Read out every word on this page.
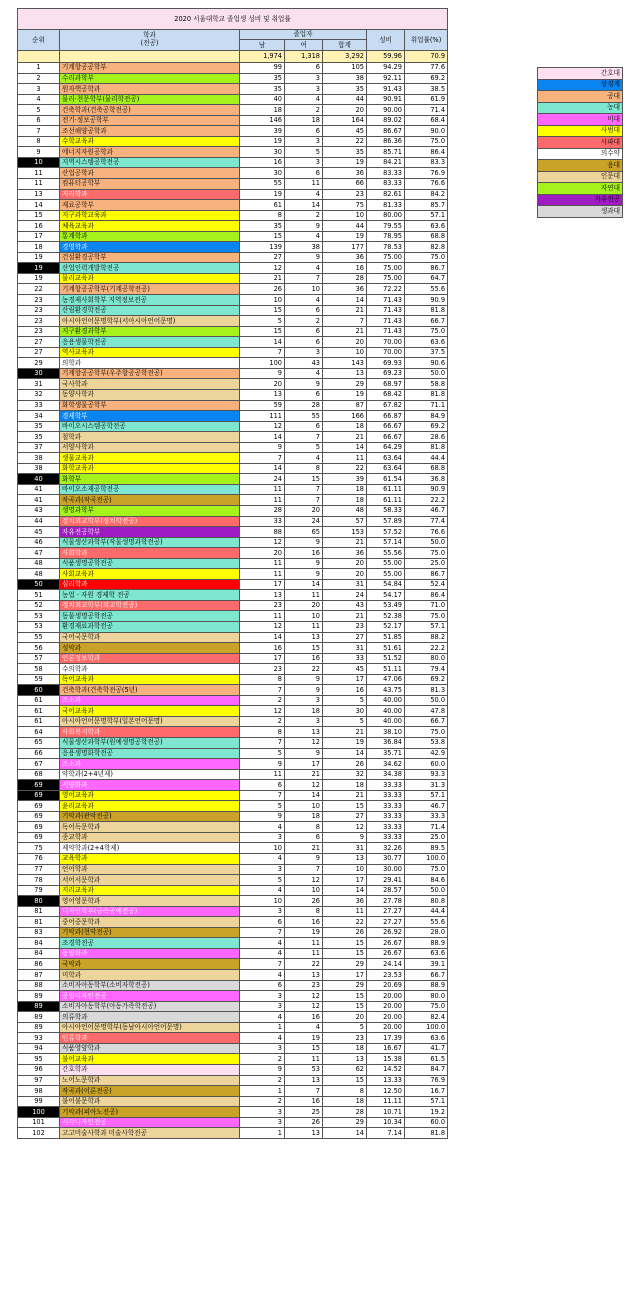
2020 서울대학교 졸업생 성비 및 취업률						
순위	학과
(전공)	졸업자			성비	취업률(%)
		남	여	합계		
		1,974	1,318	3,292	59.96	70.9
1	기계항공공학부	99	6	105	94.29	77.6
2	수리과학부	35	3	38	92.11	69.2
3	원자핵공학과	35	3	35	91.43	38.5
4	물리·천문학부(물리학전공)	40	4	44	90.91	61.9
5	건축학과(건축공학전공)	18	2	20	90.00	71.4
6	전기·정보공학부	146	18	164	89.02	68.4
7	조선해양공학과	39	6	45	86.67	90.0
8	수학교육과	19	3	22	86.36	75.0
9	에너지자원공학과	30	5	35	85.71	86.4
10	지역시스템공학전공	16	3	19	84.21	83.3
11	산업공학과	30	6	36	83.33	76.9
11	컴퓨터공학부	55	11	66	83.33	76.6
13	지리학과	19	4	23	82.61	84.2
14	재료공학부	61	14	75	81.33	85.7
15	지구과학교육과	8	2	10	80.00	57.1
16	체육교육과	35	9	44	79.55	63.6
17	통계학과	15	4	19	78.95	68.8
18	경영학과	139	38	177	78.53	82.8
19	건설환경공학부	27	9	36	75.00	75.0
19	산업인력개발학전공	12	4	16	75.00	86.7
19	물리교육과	21	7	28	75.00	64.7
22	기계항공공학부(기계공학전공)	26	10	36	72.22	55.6
23	농경제사회학부 지역정보전공	10	4	14	71.43	90.9
23	산림환경학전공	15	6	21	71.43	81.8
23	아시아언어문명학부(서아시아언어문명)	5	2	7	71.43	66.7
23	지구환경과학부	15	6	21	71.43	75.0
27	응용생물학전공	14	6	20	70.00	63.6
27	역사교육과	7	3	10	70.00	37.5
29	의학과	100	43	143	69.93	90.6
30	기계항공공학부(우주항공공학전공)	9	4	13	69.23	50.0
31	국사학과	20	9	29	68.97	58.8
32	동양사학과	13	6	19	68.42	81.8
33	화학생물공학부	59	28	87	67.82	71.1
34	경제학부	111	55	166	66.87	84.9
35	바이오시스템공학전공	12	6	18	66.67	69.2
35	철학과	14	7	21	66.67	28.6
37	서양사학과	9	5	14	64.29	81.8
38	생물교육과	7	4	11	63.64	44.4
38	화학교육과	14	8	22	63.64	68.8
40	화학부	24	15	39	61.54	36.8
41	바이오소재공학전공	11	7	18	61.11	90.9
41	작곡과(작곡전공)	11	7	18	61.11	22.2
43	생명과학부	28	20	48	58.33	46.7
44	정치외교학부(정치학전공)	33	24	57	57.89	77.4
45	자유전공학부	88	65	153	57.52	76.6
46	식물생산과학부(작물생명과학전공)	12	9	21	57.14	50.0
47	사회학과	20	16	36	55.56	75.0
48	식품생명공학전공	11	9	20	55.00	25.0
48	사회교육과	11	9	20	55.00	86.7
50	심리학과	17	14	31	54.84	52.4
51	농업 · 자원 경제학 전공	13	11	24	54.17	86.4
52	정치외교학부(외교학전공)	23	20	43	53.49	71.0
53	동물생명공학전공	11	10	21	52.38	75.0
53	환경재료과학전공	12	11	23	52.17	57.1
55	국어국문학과	14	13	27	51.85	88.2
56	성악과	16	15	31	51.61	22.2
57	언론정보학과	17	16	33	51.52	80.0
58	수의학과	23	22	45	51.11	79.4
59	독어교육과	8	9	17	47.06	69.2
60	건축학과(건축학전공(5년)	7	9	16	43.75	81.3
61	조소과	2	3	5	40.00	50.0
61	국어교육과	12	18	30	40.00	47.8
61	아시아언어문명학부(일본언어문명)	2	3	5	40.00	66.7
64	사회복지학과	8	13	21	38.10	75.0
65	식물생산과학부(원예생명공학전공)	7	12	19	36.84	53.8
66	응용생명화학전공	5	9	14	35.71	42.9
67	조소과	9	17	26	34.62	60.0
68	약학과(2+4년제)	11	21	32	34.38	93.3
69	서양화과	6	12	18	33.33	31.3
69	영어교육과	7	14	21	33.33	57.1
69	윤리교육과	5	10	15	33.33	46.7
69	기악과(관악전공)	9	18	27	33.33	33.3
69	독어독문학과	4	8	12	33.33	71.4
69	종교학과	3	6	9	33.33	25.0
75	제약학과(2+4학제)	10	21	31	32.26	89.5
76	교육학과	4	9	13	30.77	100.0
77	언어학과	3	7	10	30.00	75.0
78	서어서문학과	5	12	17	29.41	84.6
79	지리교육과	4	10	14	28.57	50.0
80	영어영문학과	10	26	36	27.78	80.8
81	디자인학부(금속공예전공)	3	8	11	27.27	44.4
81	중어중문학과	6	16	22	27.27	55.6
83	기악과(현악전공)	7	19	26	26.92	28.0
84	조경학전공	4	11	15	26.67	88.9
84	동양화과	4	11	15	26.67	63.6
86	국악과	7	22	29	24.14	39.1
87	미학과	4	13	17	23.53	66.7
88	소비자아동학부(소비자학전공)	6	23	29	20.69	88.9
89	공업디자인전공	3	12	15	20.00	80.0
89	소비자아동학부(아동가족학전공)	3	12	15	20.00	75.0
89	의류학과	4	16	20	20.00	82.4
89	아시아언어문명학부(동남아시아언어문명)	1	4	5	20.00	100.0
93	인류학과	4	19	23	17.39	63.6
94	식품영양학과	3	15	18	16.67	41.7
95	불어교육과	2	11	13	15.38	61.5
96	간호학과	9	53	62	14.52	84.7
97	노어노문학과	2	13	15	13.33	76.9
98	작곡과(이론전공)	1	7	8	12.50	16.7
99	불어불문학과	2	16	18	11.11	57.1
100	기악과(피아노전공)	3	25	28	10.71	19.2
101	시각디자인전공	3	26	29	10.34	60.0
102	고고미술사학과 미술사학전공	1	13	14	7.14	81.8
간호대
상경계
공대
농대
미대
사범대
사파대
의수약
음대
인문대
자연대
자유전공
생과대
